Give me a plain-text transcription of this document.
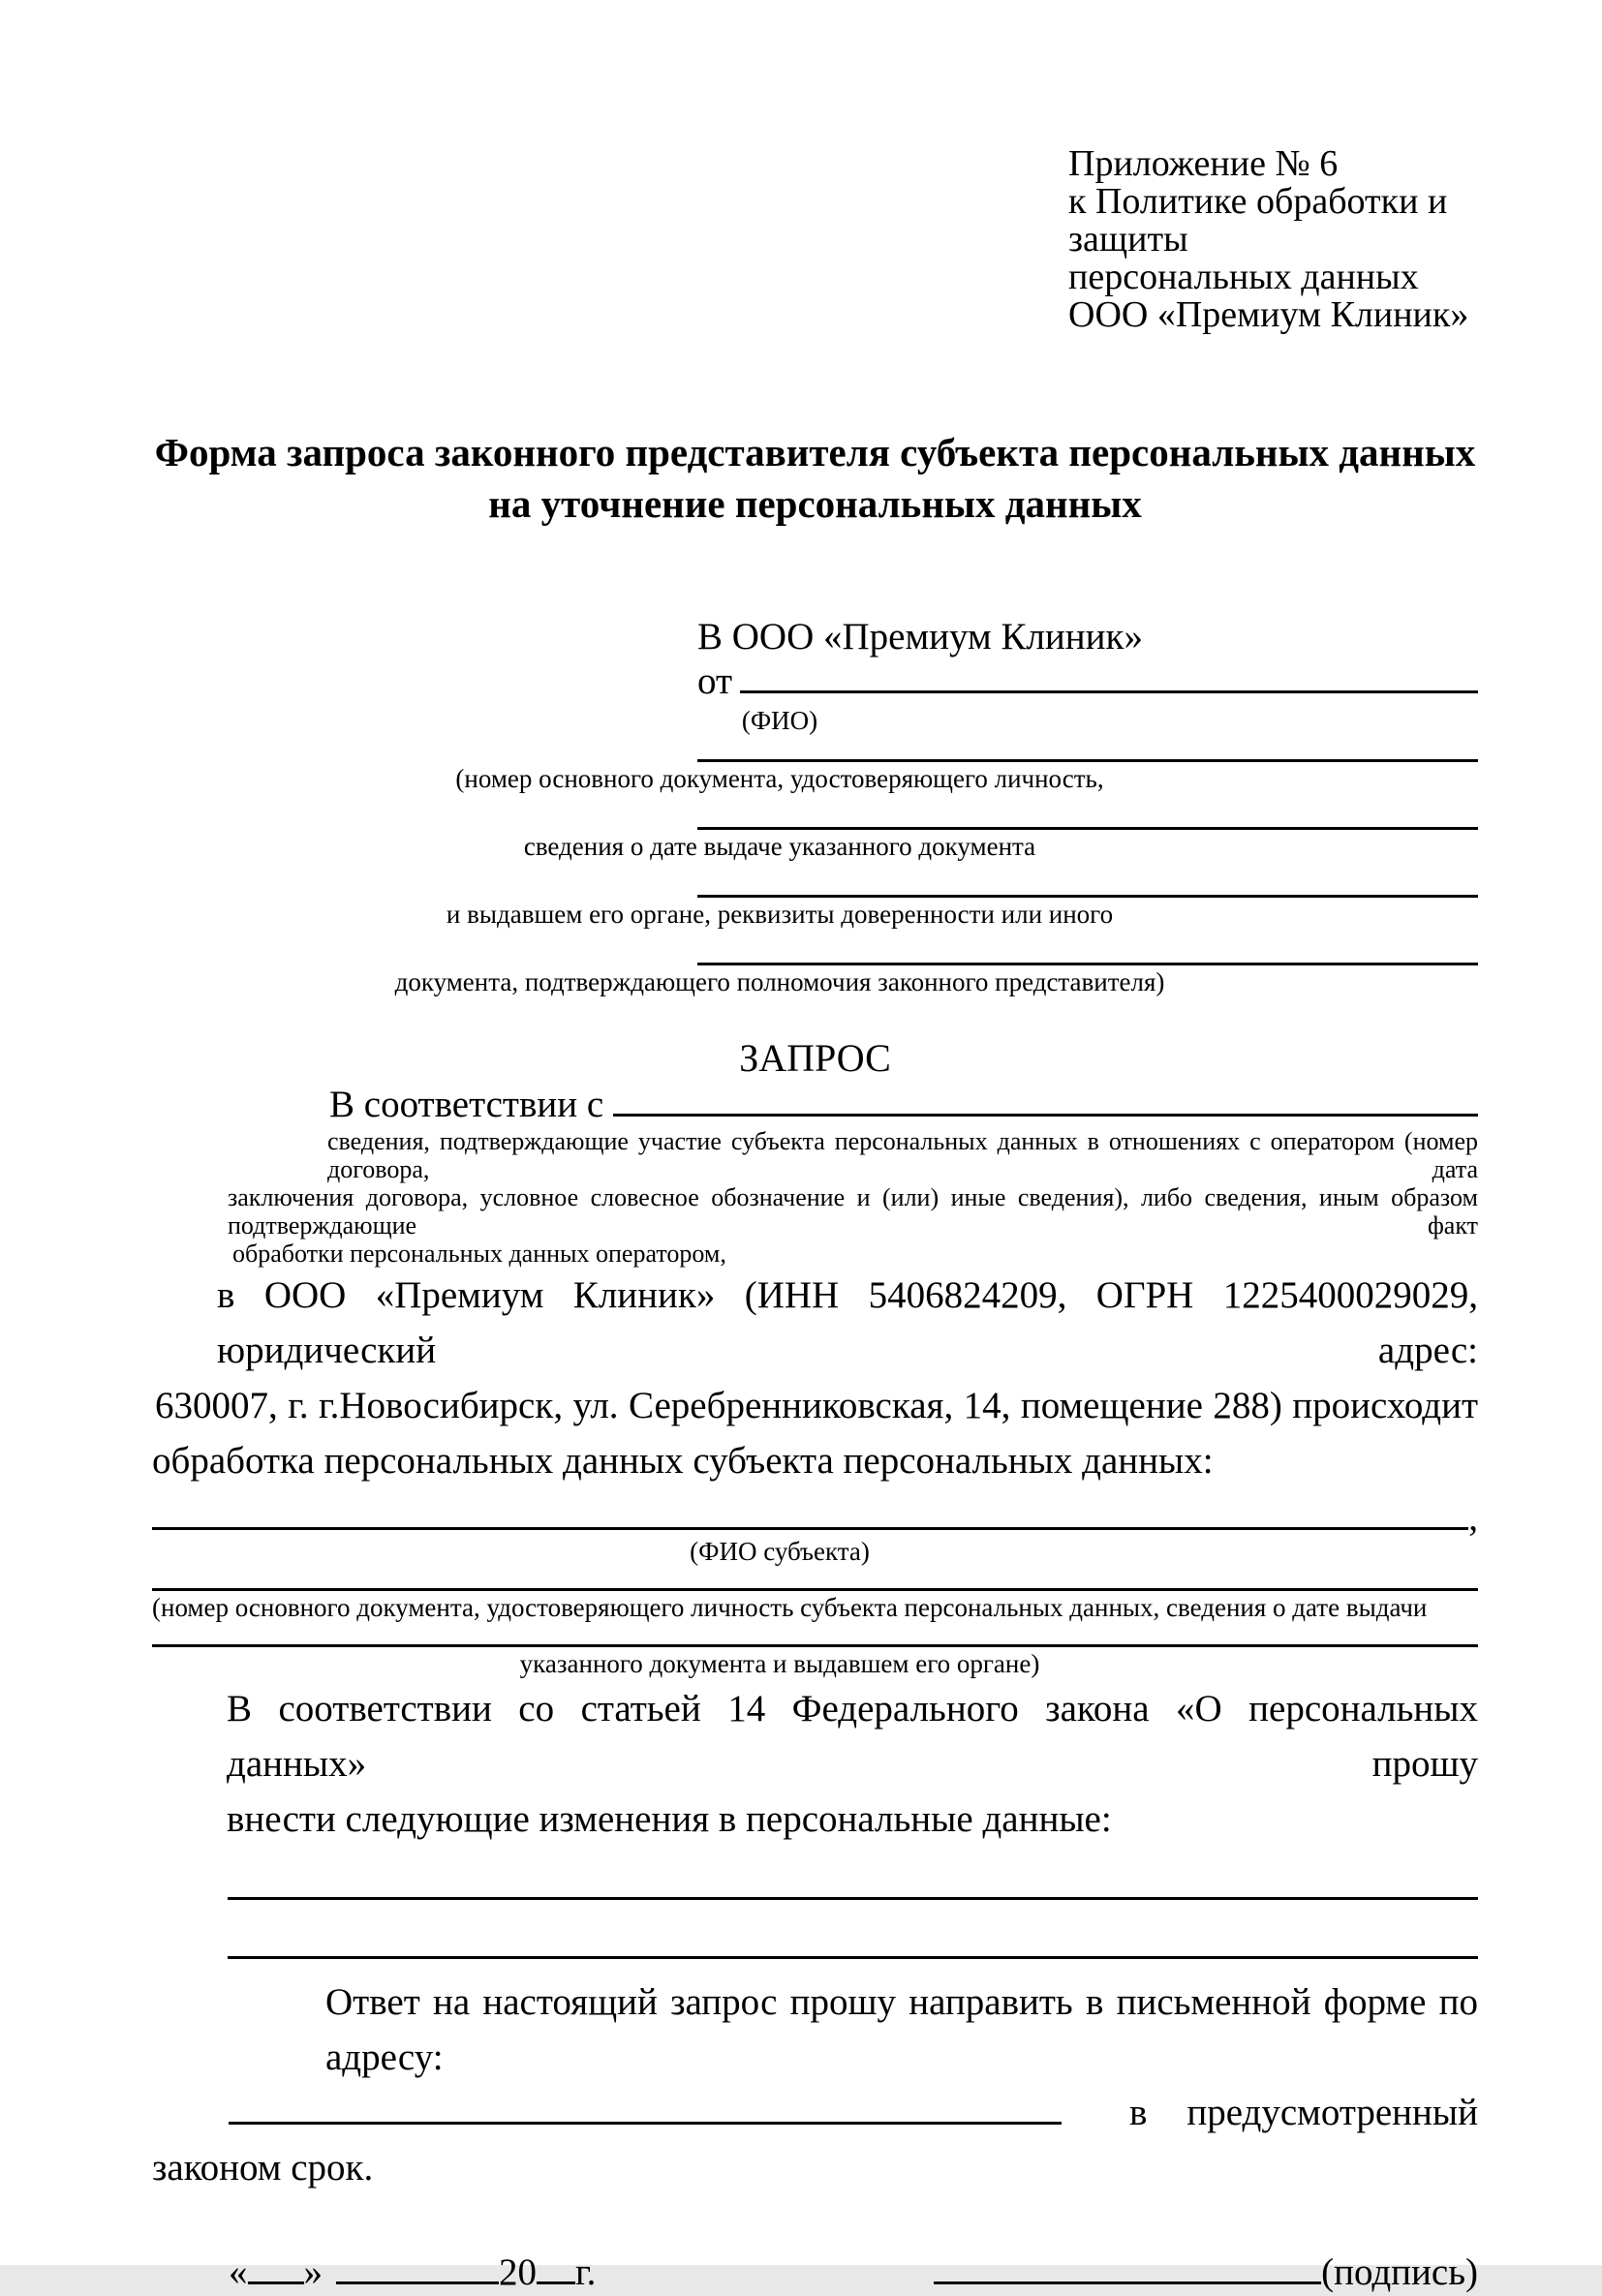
Приложение № 6
к Политике обработки и защиты
персональных данных
ООО «Премиум Клиник»
Форма запроса законного представителя субъекта персональных данных
на уточнение персональных данных
В ООО «Премиум Клиник»
от
(ФИО)
(номер основного документа, удостоверяющего личность,
сведения о дате выдаче указанного документа
и выдавшем его органе, реквизиты доверенности или иного
документа, подтверждающего полномочия законного представителя)
ЗАПРОС
В соответствии с
сведения, подтверждающие участие субъекта персональных данных в отношениях с оператором (номер договора, дата
заключения договора, условное словесное обозначение и (или) иные сведения), либо сведения, иным образом подтверждающие факт
обработки персональных данных оператором,
в ООО «Премиум Клиник» (ИНН 5406824209, ОГРН 1225400029029, юридический адрес:
630007, г. г.Новосибирск, ул. Серебренниковская, 14, помещение 288) происходит
обработка персональных данных субъекта персональных данных:
,
(ФИО субъекта)
(номер основного документа, удостоверяющего личность субъекта персональных данных, сведения о дате выдачи
указанного документа и выдавшем его органе)
В соответствии со статьей 14 Федерального закона «О персональных данных» прошу
внести следующие изменения в персональные данные:
Ответ на настоящий запрос прошу направить в письменной форме по адресу:
в предусмотренный
законом срок.
« »	20 г.	(подпись)
